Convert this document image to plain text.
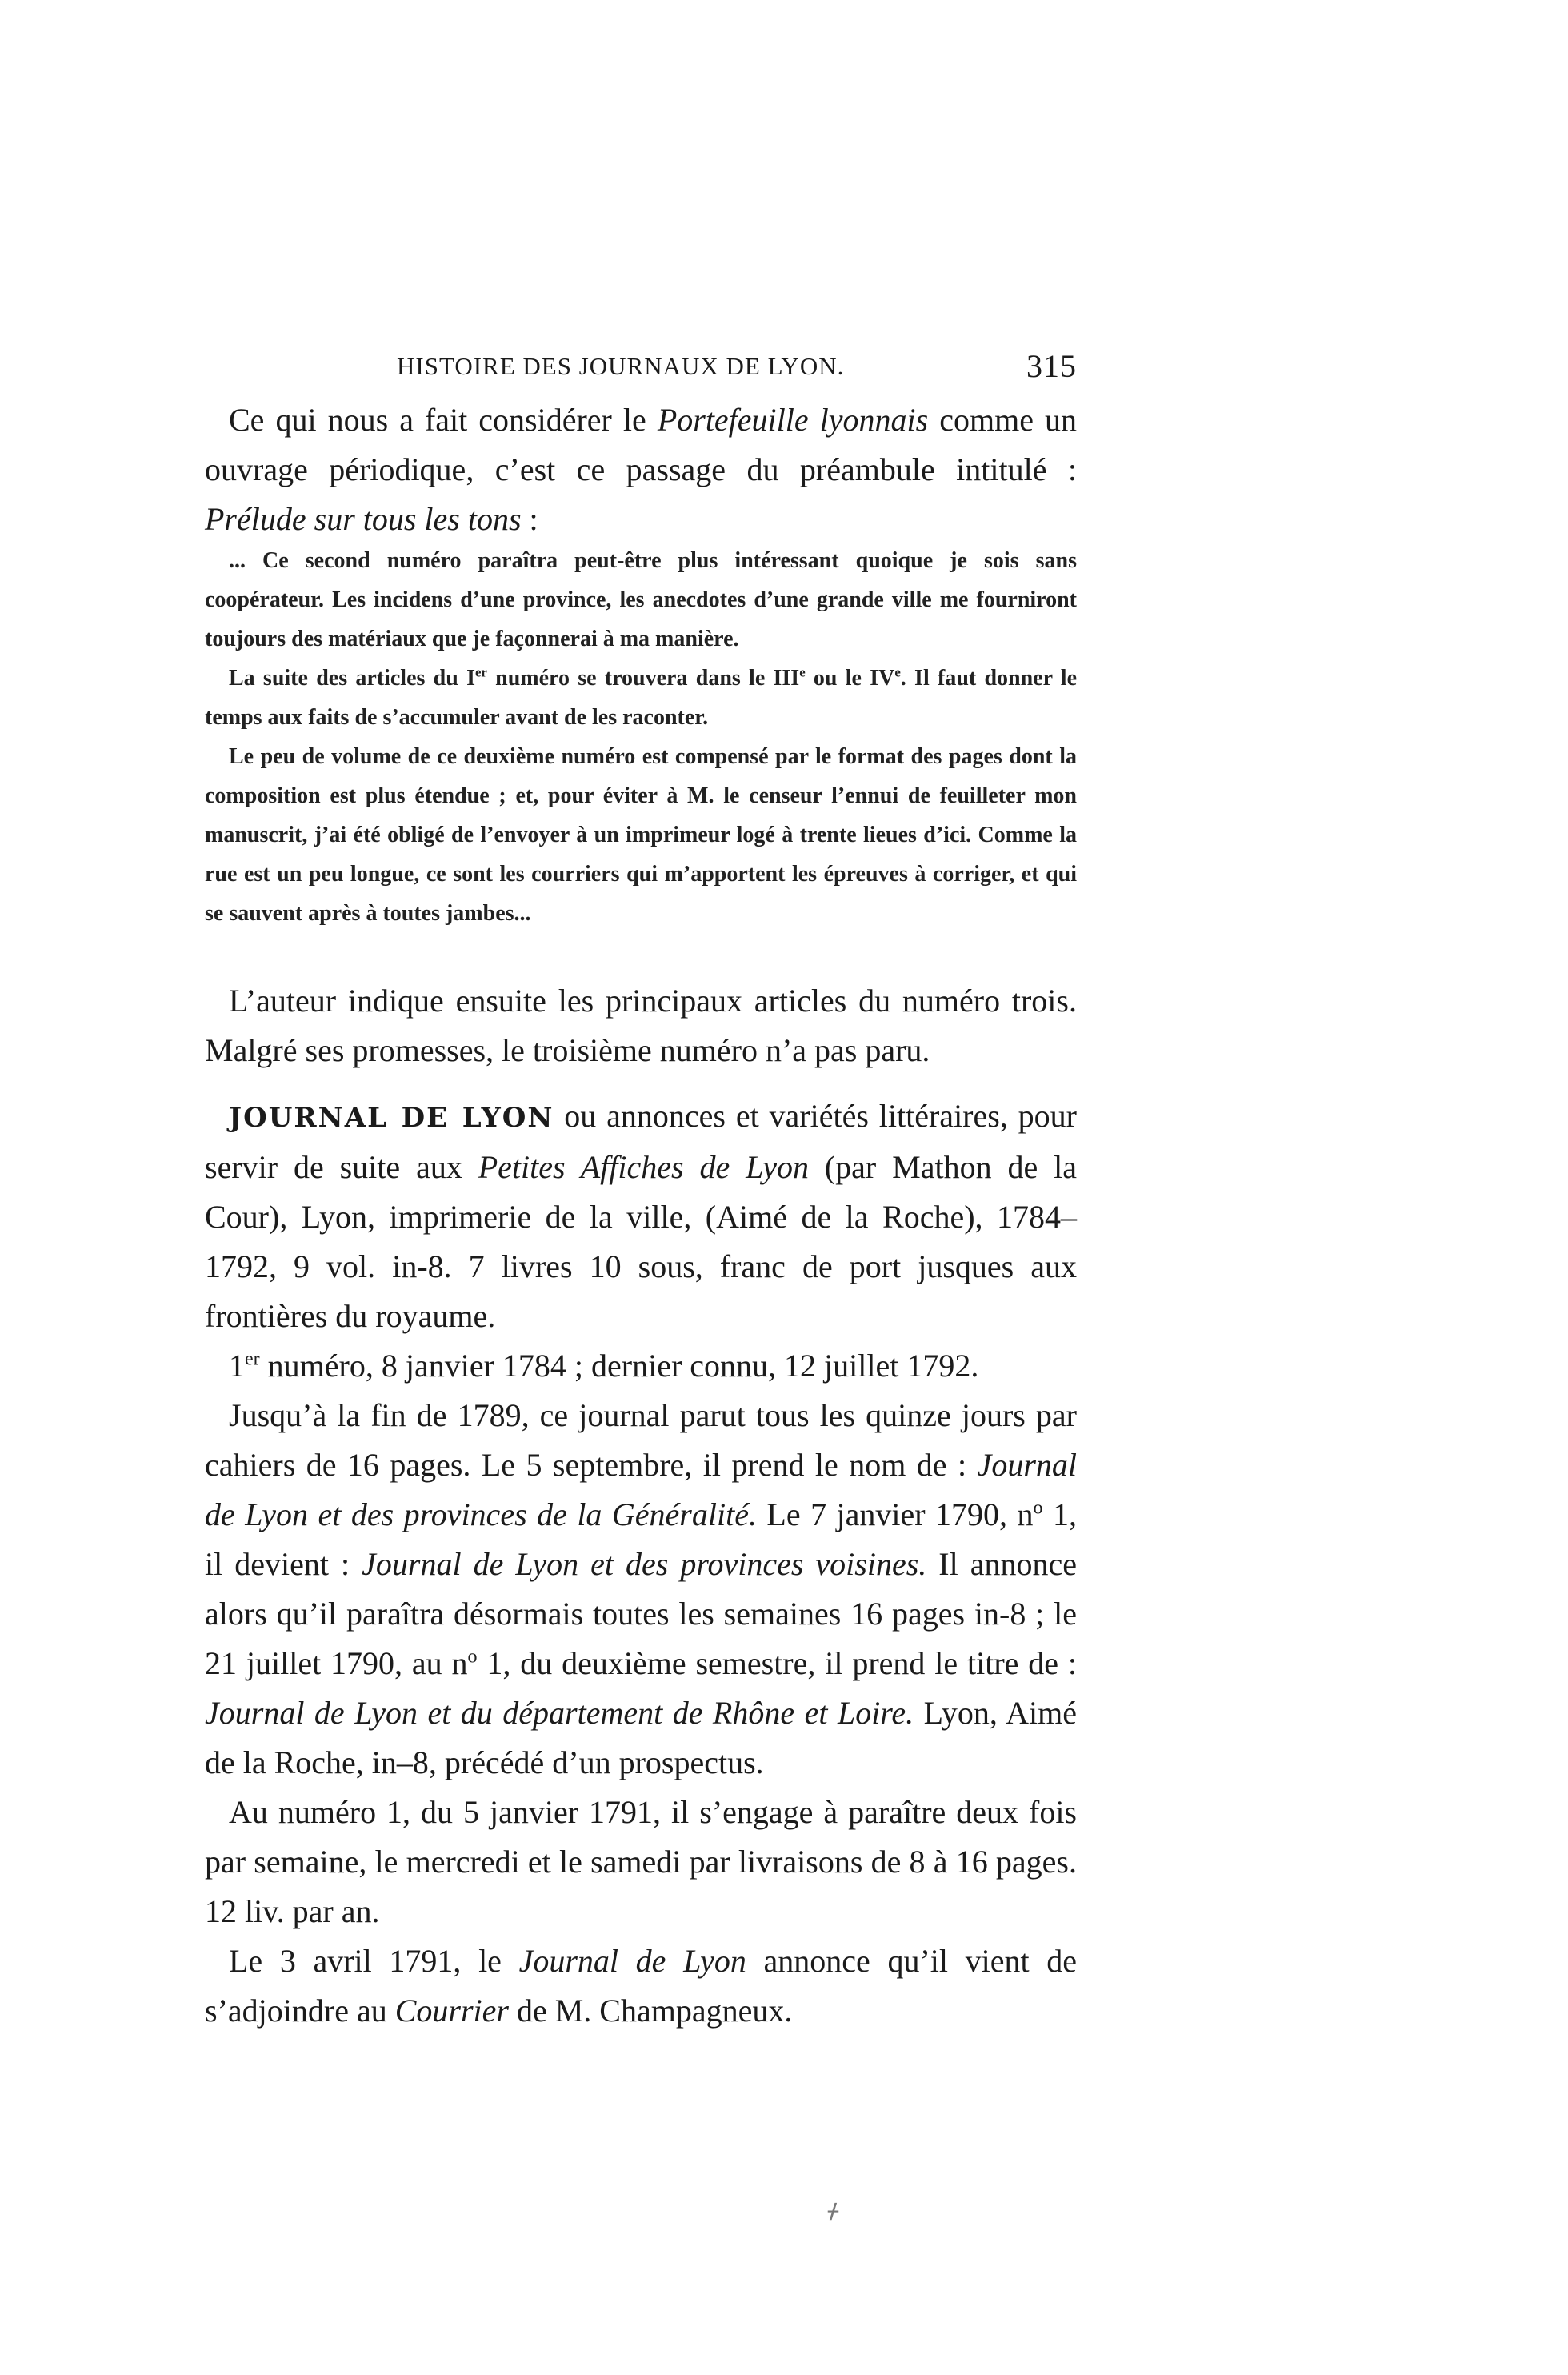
HISTOIRE DES JOURNAUX DE LYON.	315

Ce qui nous a fait considérer le Portefeuille lyonnais comme un ouvrage périodique, c’est ce passage du préambule intitulé : Prélude sur tous les tons :

... Ce second numéro paraîtra peut-être plus intéressant quoique je sois sans coopérateur. Les incidens d’une province, les anecdotes d’une grande ville me fourniront toujours des matériaux que je façonnerai à ma manière.

La suite des articles du Ier numéro se trouvera dans le IIIe ou le IVe. Il faut donner le temps aux faits de s’accumuler avant de les raconter.

Le peu de volume de ce deuxième numéro est compensé par le format des pages dont la composition est plus étendue ; et, pour éviter à M. le censeur l’ennui de feuilleter mon manuscrit, j’ai été obligé de l’envoyer à un imprimeur logé à trente lieues d’ici. Comme la rue est un peu longue, ce sont les courriers qui m’apportent les épreuves à corriger, et qui se sauvent après à toutes jambes...

L’auteur indique ensuite les principaux articles du numéro trois. Malgré ses promesses, le troisième numéro n’a pas paru.

JOURNAL DE LYON ou annonces et variétés littéraires, pour servir de suite aux Petites Affiches de Lyon (par Mathon de la Cour), Lyon, imprimerie de la ville, (Aimé de la Roche), 1784–1792, 9 vol. in-8. 7 livres 10 sous, franc de port jusques aux frontières du royaume.

1er numéro, 8 janvier 1784 ; dernier connu, 12 juillet 1792.

Jusqu’à la fin de 1789, ce journal parut tous les quinze jours par cahiers de 16 pages. Le 5 septembre, il prend le nom de : Journal de Lyon et des provinces de la Généralité. Le 7 janvier 1790, $n^o$ 1, il devient : Journal de Lyon et des provinces voisines. Il annonce alors qu’il paraîtra désormais toutes les semaines 16 pages in-8 ; le 21 juillet 1790, au $n^o$ 1, du deuxième semestre, il prend le titre de : Journal de Lyon et du département de Rhône et Loire. Lyon, Aimé de la Roche, in–8, précédé d’un prospectus.

Au numéro 1, du 5 janvier 1791, il s’engage à paraître deux fois par semaine, le mercredi et le samedi par livraisons de 8 à 16 pages. 12 liv. par an.

Le 3 avril 1791, le Journal de Lyon annonce qu’il vient de s’adjoindre au Courrier de M. Champagneux.

ᚋ
